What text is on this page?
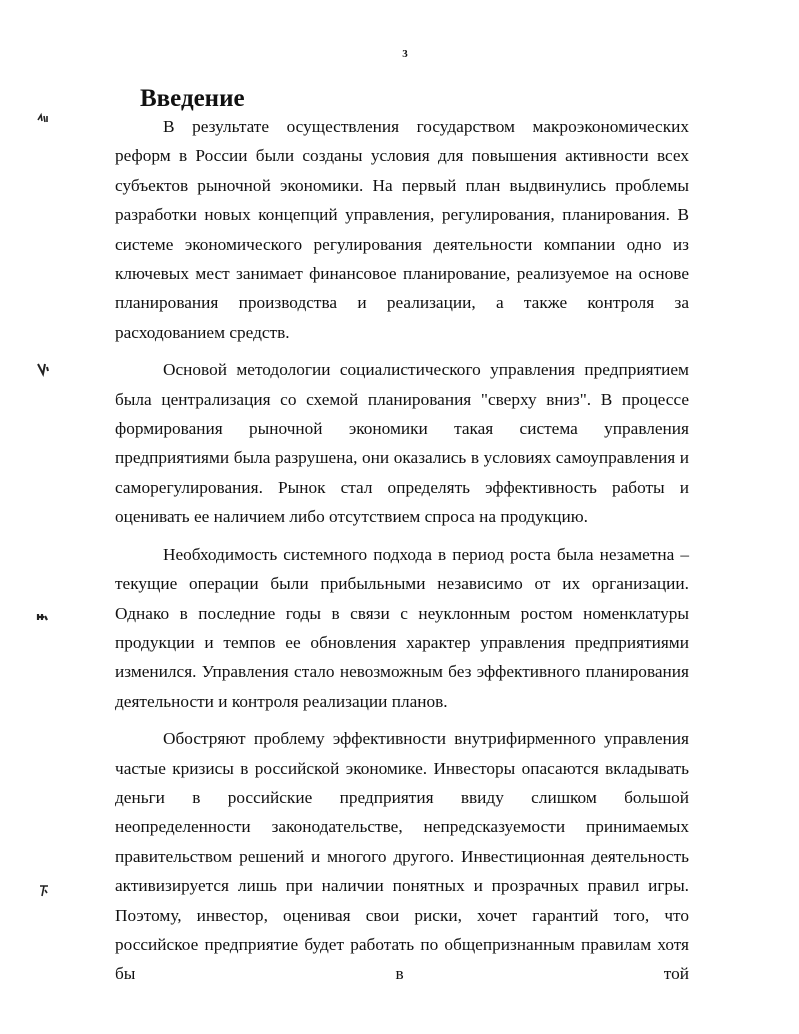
3
Введение

В результате осуществления государством макроэкономических реформ в России были созданы условия для повышения активности всех субъектов рыночной экономики. На первый план выдвинулись проблемы разработки новых концепций управления, регулирования, планирования. В системе экономического регулирования деятельности компании одно из ключевых мест занимает финансовое планирование, реализуемое на основе планирования производства и реализации, а также контроля за расходованием средств.

Основой методологии социалистического управления предприятием была централизация со схемой планирования "сверху вниз". В процессе формирования рыночной экономики такая система управления предприятиями была разрушена, они оказались в условиях самоуправления и саморегулирования. Рынок стал определять эффективность работы и оценивать ее наличием либо отсутствием спроса на продукцию.

Необходимость системного подхода в период роста была незаметна – текущие операции были прибыльными независимо от их организации. Однако в последние годы в связи с неуклонным ростом номенклатуры продукции и темпов ее обновления характер управления предприятиями изменился. Управления стало невозможным без эффективного планирования деятельности и контроля реализации планов.

Обостряют проблему эффективности внутрифирменного управления частые кризисы в российской экономике. Инвесторы опасаются вкладывать деньги в российские предприятия ввиду слишком большой неопределенности законодательстве, непредсказуемости принимаемых правительством решений и многого другого. Инвестиционная деятельность активизируется лишь при наличии понятных и прозрачных правил игры. Поэтому, инвестор, оценивая свои риски, хочет гарантий того, что российское предприятие будет работать по общепризнанным правилам хотя бы в той
